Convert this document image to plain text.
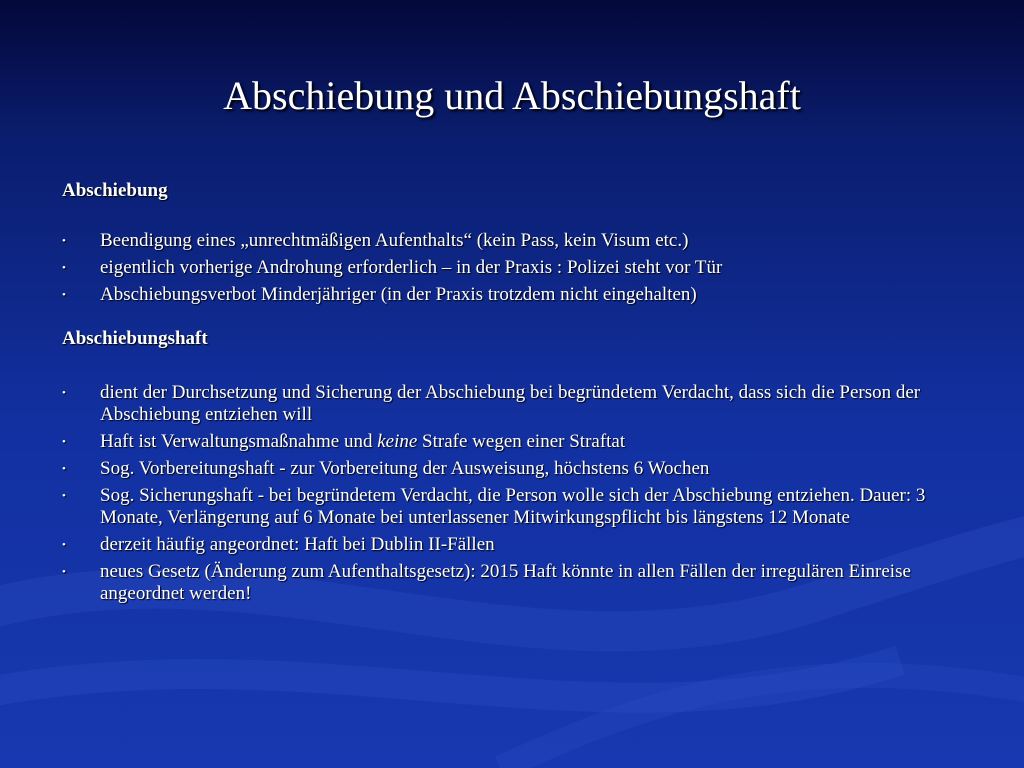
Abschiebung und Abschiebungshaft
Abschiebung
• Beendigung eines „unrechtmäßigen Aufenthalts“ (kein Pass, kein Visum etc.)
• eigentlich vorherige Androhung erforderlich – in der Praxis : Polizei steht vor Tür
• Abschiebungsverbot Minderjähriger (in der Praxis trotzdem nicht eingehalten)
Abschiebungshaft
• dient der Durchsetzung und Sicherung der Abschiebung bei begründetem Verdacht, dass sich die Person der Abschiebung entziehen will
• Haft ist Verwaltungsmaßnahme und keine Strafe wegen einer Straftat
• Sog. Vorbereitungshaft - zur Vorbereitung der Ausweisung, höchstens 6 Wochen
• Sog. Sicherungshaft - bei begründetem Verdacht, die Person wolle sich der Abschiebung entziehen. Dauer: 3 Monate, Verlängerung auf 6 Monate bei unterlassener Mitwirkungspflicht bis längstens 12 Monate
• derzeit häufig angeordnet: Haft bei Dublin II-Fällen
• neues Gesetz (Änderung zum Aufenthaltsgesetz): 2015 Haft könnte in allen Fällen der irregulären Einreise angeordnet werden!
